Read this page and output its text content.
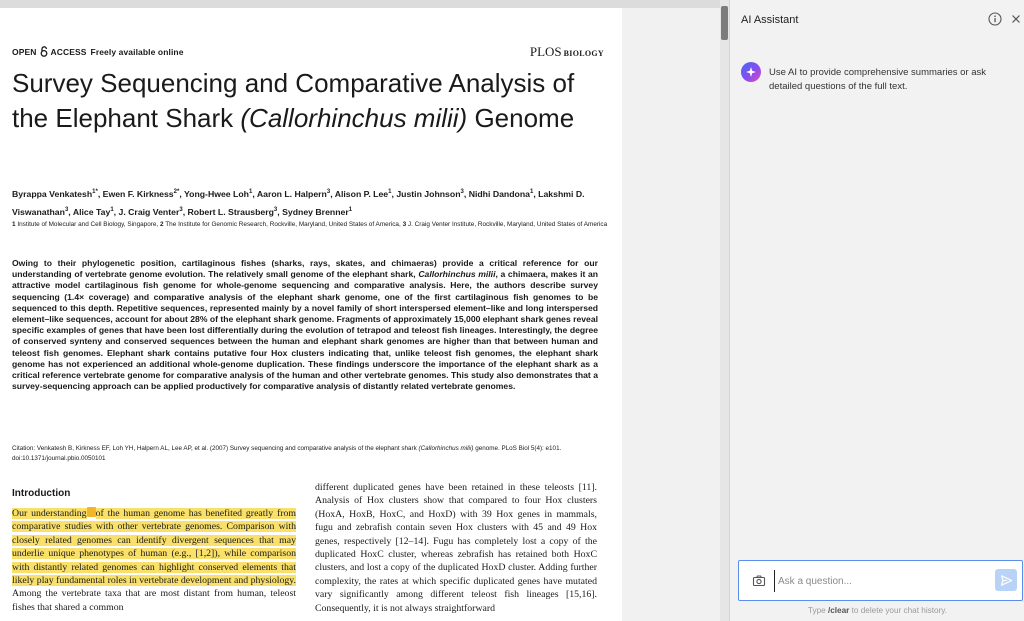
OPEN ACCESS Freely available online	PLOS BIOLOGY
Survey Sequencing and Comparative Analysis of the Elephant Shark (Callorhinchus milii) Genome
Byrappa Venkatesh$^{1*}$, Ewen F. Kirkness$^{2*}$, Yong-Hwee Loh$^1$, Aaron L. Halpern$^3$, Alison P. Lee$^1$, Justin Johnson$^3$, Nidhi Dandona$^1$, Lakshmi D. Viswanathan$^3$, Alice Tay$^1$, J. Craig Venter$^3$, Robert L. Strausberg$^3$, Sydney Brenner$^1$
1 Institute of Molecular and Cell Biology, Singapore, 2 The Institute for Genomic Research, Rockville, Maryland, United States of America, 3 J. Craig Venter Institute, Rockville, Maryland, United States of America

Owing to their phylogenetic position, cartilaginous fishes (sharks, rays, skates, and chimaeras) provide a critical reference for our understanding of vertebrate genome evolution. The relatively small genome of the elephant shark, Callorhinchus milii, a chimaera, makes it an attractive model cartilaginous fish genome for whole-genome sequencing and comparative analysis. Here, the authors describe survey sequencing (1.4× coverage) and comparative analysis of the elephant shark genome, one of the first cartilaginous fish genomes to be sequenced to this depth. Repetitive sequences, represented mainly by a novel family of short interspersed element–like and long interspersed element–like sequences, account for about 28% of the elephant shark genome. Fragments of approximately 15,000 elephant shark genes reveal specific examples of genes that have been lost differentially during the evolution of tetrapod and teleost fish lineages. Interestingly, the degree of conserved synteny and conserved sequences between the human and elephant shark genomes are higher than that between human and teleost fish genomes. Elephant shark contains putative four Hox clusters indicating that, unlike teleost fish genomes, the elephant shark genome has not experienced an additional whole-genome duplication. These findings underscore the importance of the elephant shark as a critical reference vertebrate genome for comparative analysis of the human and other vertebrate genomes. This study also demonstrates that a survey-sequencing approach can be applied productively for comparative analysis of distantly related vertebrate genomes.

Citation: Venkatesh B, Kirkness EF, Loh YH, Halpern AL, Lee AP, et al. (2007) Survey sequencing and comparative analysis of the elephant shark (Callorhinchus milii) genome. PLoS Biol 5(4): e101. doi:10.1371/journal.pbio.0050101

Introduction

Our understanding of the human genome has benefited greatly from comparative studies with other vertebrate genomes. Comparison with closely related genomes can identify divergent sequences that may underlie unique phenotypes of human (e.g., [1,2]), while comparison with distantly related genomes can highlight conserved elements that likely play fundamental roles in vertebrate development and physiology. Among the vertebrate taxa that are most distant from human, teleost fishes that shared a common

different duplicated genes have been retained in these teleosts [11]. Analysis of Hox clusters show that compared to four Hox clusters (HoxA, HoxB, HoxC, and HoxD) with 39 Hox genes in mammals, fugu and zebrafish contain seven Hox clusters with 45 and 49 Hox genes, respectively [12–14]. Fugu has completely lost a copy of the duplicated HoxC cluster, whereas zebrafish has retained both HoxC clusters, and lost a copy of the duplicated HoxD cluster. Adding further complexity, the rates at which specific duplicated genes have mutated vary significantly among different teleost fish lineages [15,16]. Consequently, it is not always straightforward

AI Assistant
Use AI to provide comprehensive summaries or ask detailed questions of the full text.
Ask a question...
Type /clear to delete your chat history.
